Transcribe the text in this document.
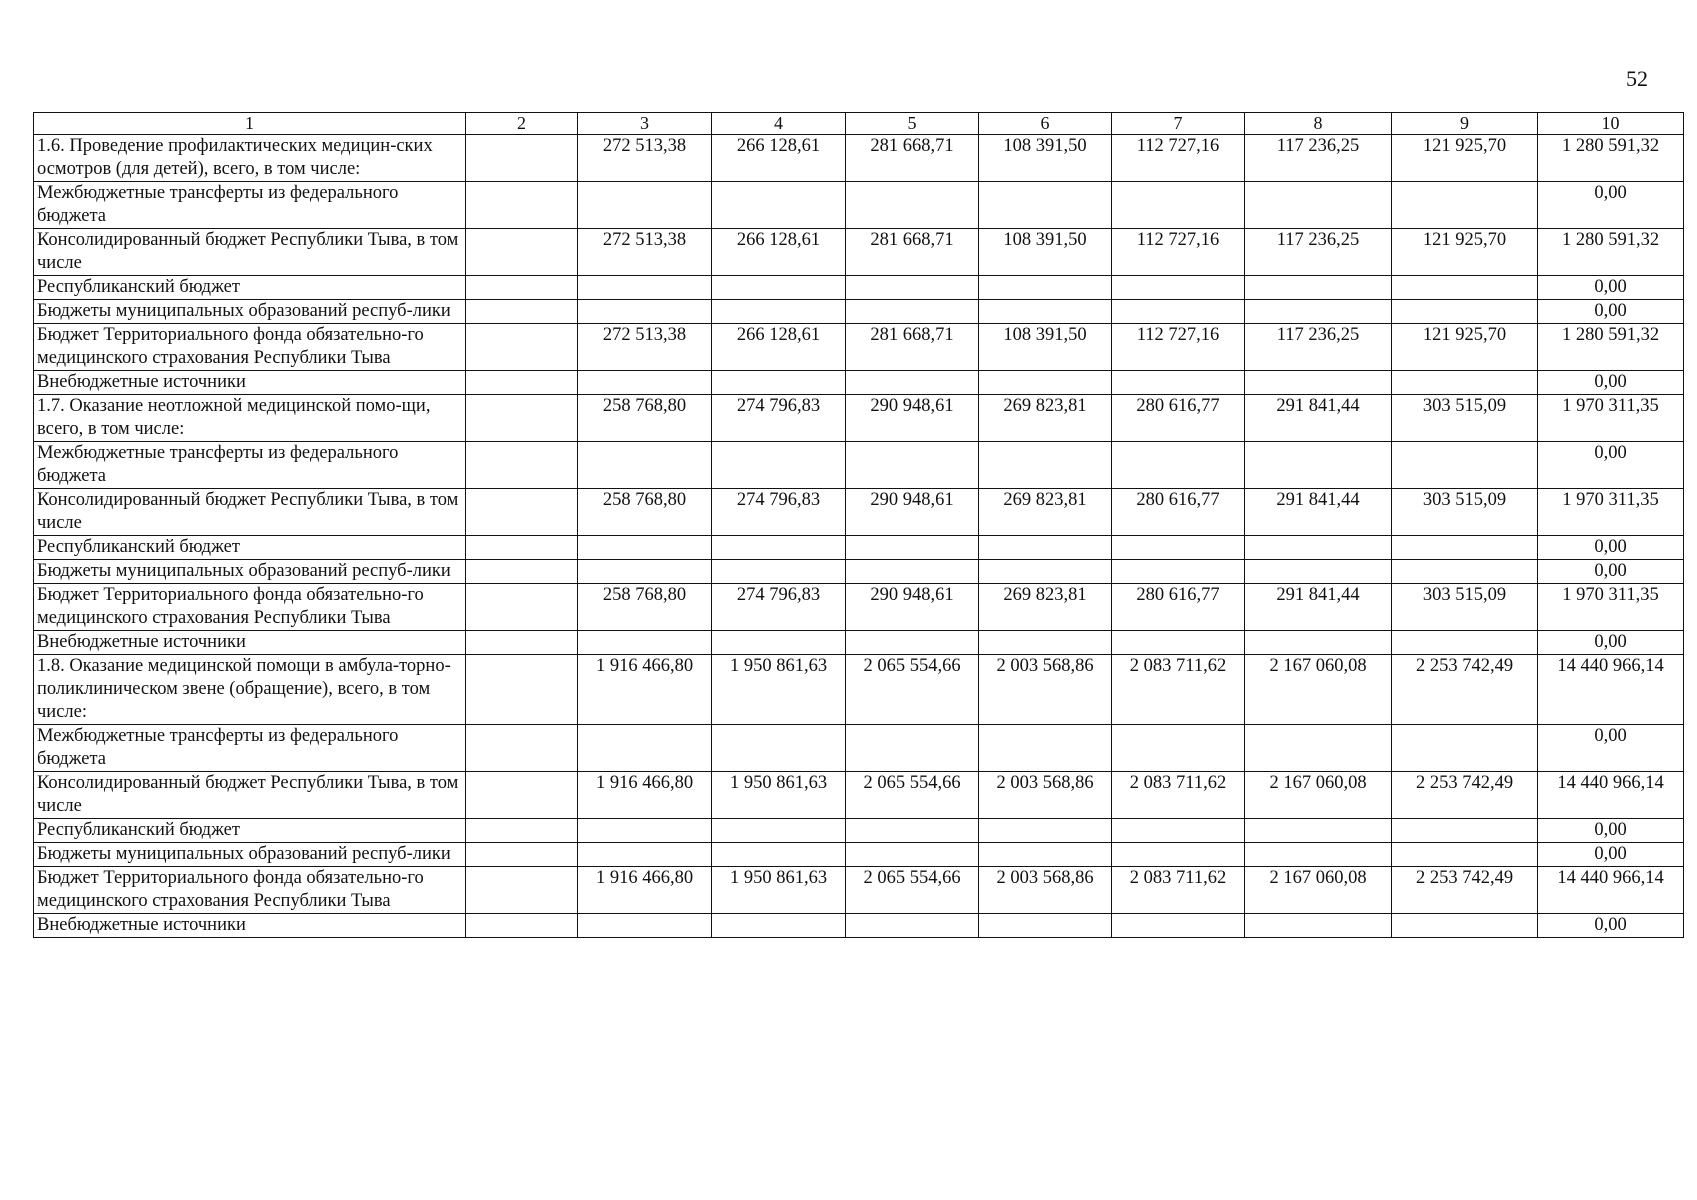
52
1	2	3	4	5	6	7	8	9	10
1.6. Проведение профилактических медицин-ских осмотров (для детей), всего, в том числе:		272 513,38	266 128,61	281 668,71	108 391,50	112 727,16	117 236,25	121 925,70	1 280 591,32
Межбюджетные трансферты из федерального бюджета									0,00
Консолидированный бюджет Республики Тыва, в том числе		272 513,38	266 128,61	281 668,71	108 391,50	112 727,16	117 236,25	121 925,70	1 280 591,32
Республиканский бюджет									0,00
Бюджеты муниципальных образований респуб-лики									0,00
Бюджет Территориального фонда обязательно-го медицинского страхования Республики Тыва		272 513,38	266 128,61	281 668,71	108 391,50	112 727,16	117 236,25	121 925,70	1 280 591,32
Внебюджетные источники									0,00
1.7. Оказание неотложной медицинской помо-щи, всего, в том числе:		258 768,80	274 796,83	290 948,61	269 823,81	280 616,77	291 841,44	303 515,09	1 970 311,35
Межбюджетные трансферты из федерального бюджета									0,00
Консолидированный бюджет Республики Тыва, в том числе		258 768,80	274 796,83	290 948,61	269 823,81	280 616,77	291 841,44	303 515,09	1 970 311,35
Республиканский бюджет									0,00
Бюджеты муниципальных образований респуб-лики									0,00
Бюджет Территориального фонда обязательно-го медицинского страхования Республики Тыва		258 768,80	274 796,83	290 948,61	269 823,81	280 616,77	291 841,44	303 515,09	1 970 311,35
Внебюджетные источники									0,00
1.8. Оказание медицинской помощи в амбула-торно-поликлиническом звене (обращение), всего, в том числе:		1 916 466,80	1 950 861,63	2 065 554,66	2 003 568,86	2 083 711,62	2 167 060,08	2 253 742,49	14 440 966,14
Межбюджетные трансферты из федерального бюджета									0,00
Консолидированный бюджет Республики Тыва, в том числе		1 916 466,80	1 950 861,63	2 065 554,66	2 003 568,86	2 083 711,62	2 167 060,08	2 253 742,49	14 440 966,14
Республиканский бюджет									0,00
Бюджеты муниципальных образований респуб-лики									0,00
Бюджет Территориального фонда обязательно-го медицинского страхования Республики Тыва		1 916 466,80	1 950 861,63	2 065 554,66	2 003 568,86	2 083 711,62	2 167 060,08	2 253 742,49	14 440 966,14
Внебюджетные источники									0,00
